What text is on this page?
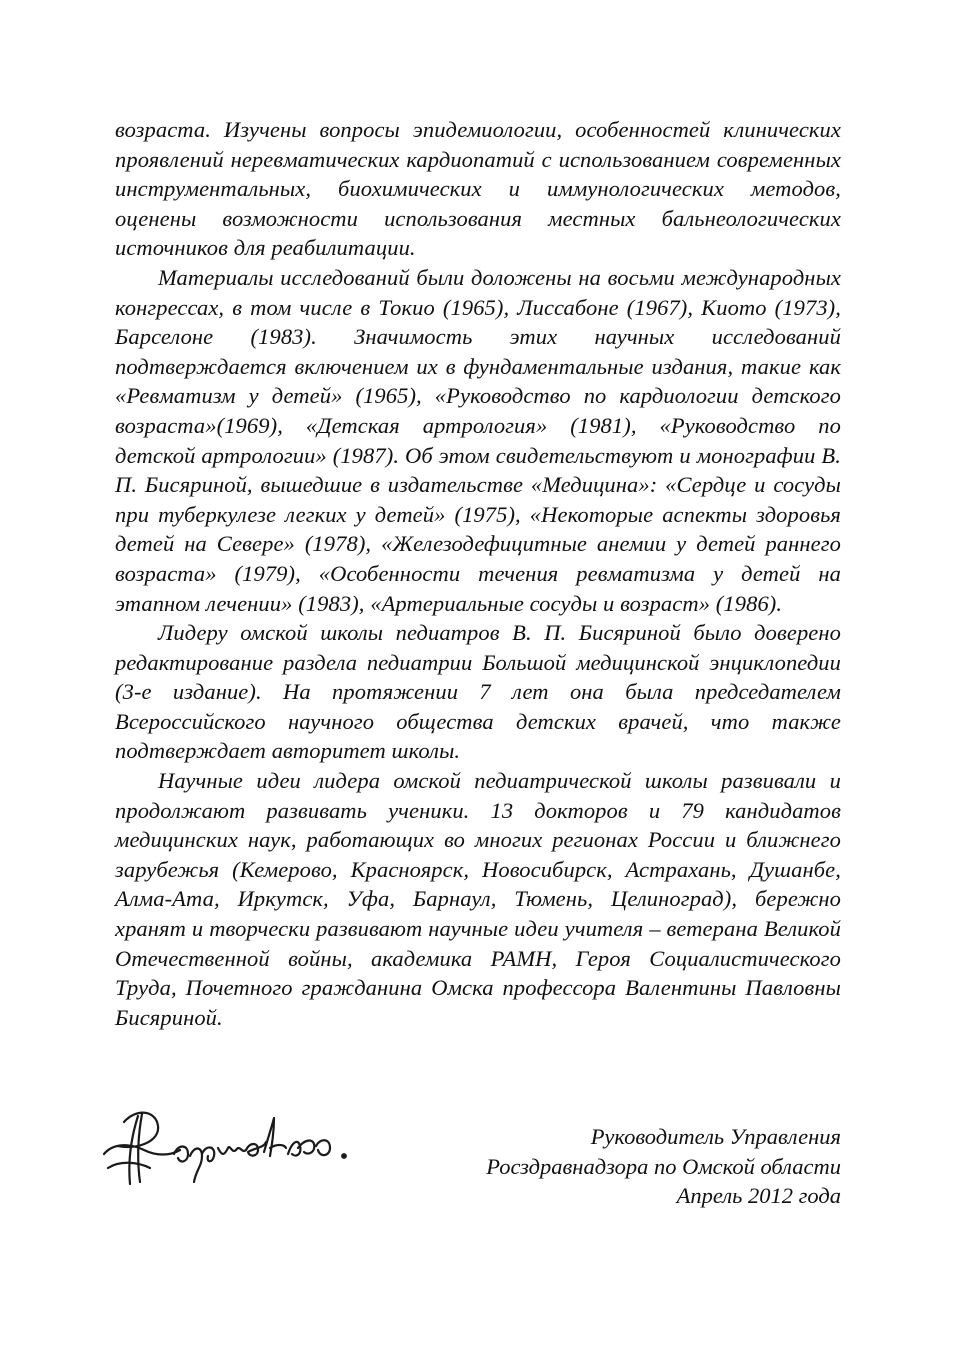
возраста. Изучены вопросы эпидемиологии, особенностей клинических проявлений неревматических кардиопатий с использованием современных инструментальных, биохимических и иммунологических методов, оценены возможности использования местных бальнеологических источников для реабилитации.

Материалы исследований были доложены на восьми международных конгрессах, в том числе в Токио (1965), Лиссабоне (1967), Киото (1973), Барселоне (1983). Значимость этих научных исследований подтверждается включением их в фундаментальные издания, такие как «Ревматизм у детей» (1965), «Руководство по кардиологии детского возраста»(1969), «Детская артрология» (1981), «Руководство по детской артрологии» (1987). Об этом свидетельствуют и монографии В. П. Бисяриной, вышедшие в издательстве «Медицина»: «Сердце и сосуды при туберкулезе легких у детей» (1975), «Некоторые аспекты здоровья детей на Севере» (1978), «Железодефицитные анемии у детей раннего возраста» (1979), «Особенности течения ревматизма у детей на этапном лечении» (1983), «Артериальные сосуды и возраст» (1986).

Лидеру омской школы педиатров В. П. Бисяриной было доверено редактирование раздела педиатрии Большой медицинской энциклопедии (3-е издание). На протяжении 7 лет она была председателем Всероссийского научного общества детских врачей, что также подтверждает авторитет школы.

Научные идеи лидера омской педиатрической школы развивали и продолжают развивать ученики. 13 докторов и 79 кандидатов медицинских наук, работающих во многих регионах России и ближнего зарубежья (Кемерово, Красноярск, Новосибирск, Астрахань, Душанбе, Алма-Ата, Иркутск, Уфа, Барнаул, Тюмень, Целиноград), бережно хранят и творчески развивают научные идеи учителя – ветерана Великой Отечественной войны, академика РАМН, Героя Социалистического Труда, Почетного гражданина Омска профессора Валентины Павловны Бисяриной.

Руководитель Управления
Росздравнадзора по Омской области
Апрель 2012 года
